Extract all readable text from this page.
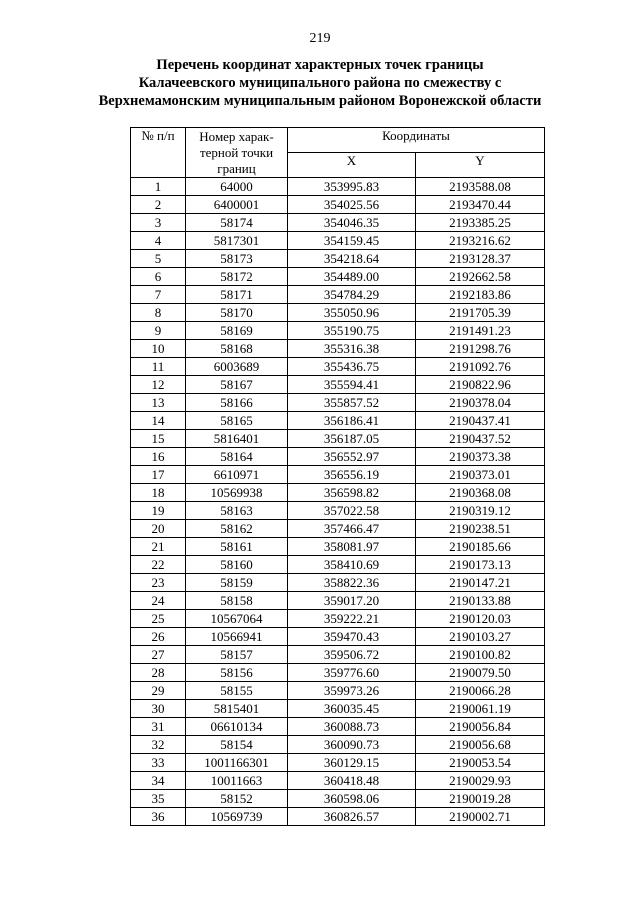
219
Перечень координат характерных точек границы
Калачеевского муниципального района по смежеству с
Верхнемамонским муниципальным районом Воронежской области
№ п/п	Номер харак-терной точки границ	Координаты	
		X	Y
1	64000	353995.83	2193588.08
2	6400001	354025.56	2193470.44
3	58174	354046.35	2193385.25
4	5817301	354159.45	2193216.62
5	58173	354218.64	2193128.37
6	58172	354489.00	2192662.58
7	58171	354784.29	2192183.86
8	58170	355050.96	2191705.39
9	58169	355190.75	2191491.23
10	58168	355316.38	2191298.76
11	6003689	355436.75	2191092.76
12	58167	355594.41	2190822.96
13	58166	355857.52	2190378.04
14	58165	356186.41	2190437.41
15	5816401	356187.05	2190437.52
16	58164	356552.97	2190373.38
17	6610971	356556.19	2190373.01
18	10569938	356598.82	2190368.08
19	58163	357022.58	2190319.12
20	58162	357466.47	2190238.51
21	58161	358081.97	2190185.66
22	58160	358410.69	2190173.13
23	58159	358822.36	2190147.21
24	58158	359017.20	2190133.88
25	10567064	359222.21	2190120.03
26	10566941	359470.43	2190103.27
27	58157	359506.72	2190100.82
28	58156	359776.60	2190079.50
29	58155	359973.26	2190066.28
30	5815401	360035.45	2190061.19
31	06610134	360088.73	2190056.84
32	58154	360090.73	2190056.68
33	1001166301	360129.15	2190053.54
34	10011663	360418.48	2190029.93
35	58152	360598.06	2190019.28
36	10569739	360826.57	2190002.71
